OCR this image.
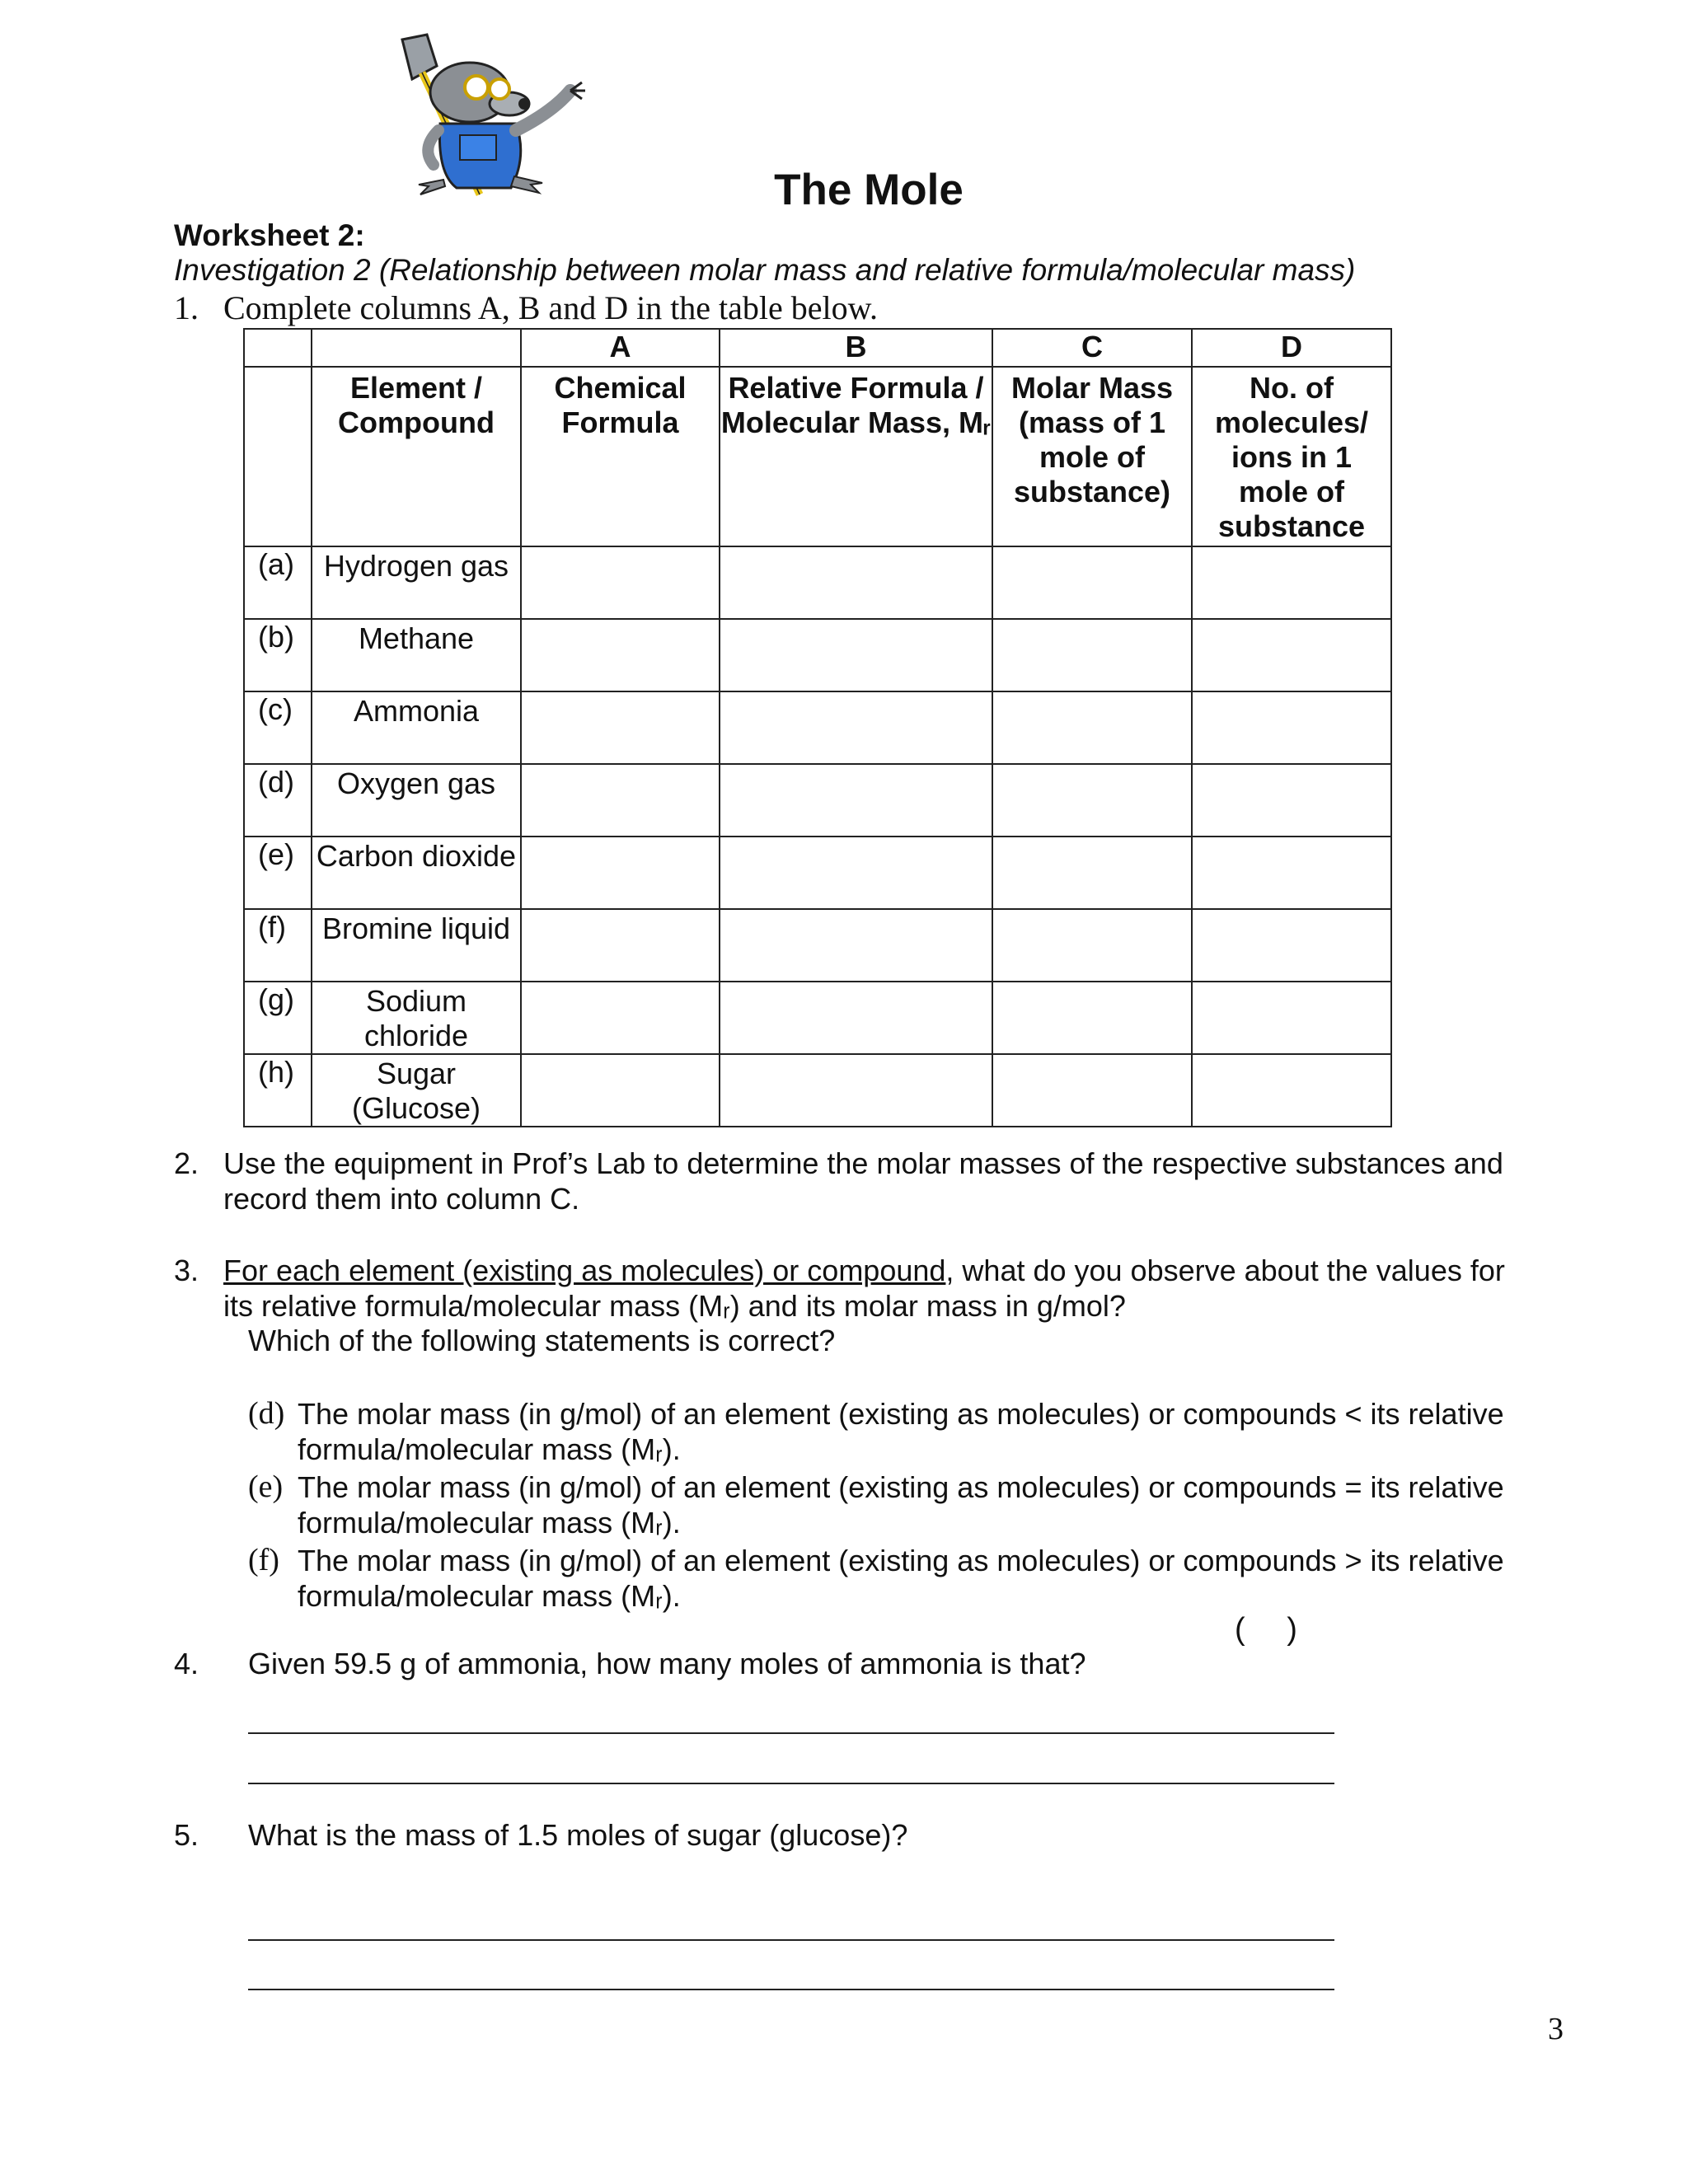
The Mole
Worksheet 2:
Investigation 2 (Relationship between molar mass and relative formula/molecular mass)
1. Complete columns A, B and D in the table below.
		A	B	C	D
	Element / Compound	Chemical Formula	Relative Formula / Molecular Mass, Mᵣ	Molar Mass (mass of 1 mole of substance)	No. of molecules/ ions in 1 mole of substance
(a)	Hydrogen gas				
(b)	Methane				
(c)	Ammonia				
(d)	Oxygen gas				
(e)	Carbon dioxide				
(f)	Bromine liquid				
(g)	Sodium chloride				
(h)	Sugar (Glucose)				
2. Use the equipment in Prof’s Lab to determine the molar masses of the respective substances and record them into column C.
3. For each element (existing as molecules) or compound, what do you observe about the values for its relative formula/molecular mass (Mᵣ) and its molar mass in g/mol?
Which of the following statements is correct?
(d) The molar mass (in g/mol) of an element (existing as molecules) or compounds < its relative formula/molecular mass (Mᵣ).
(e) The molar mass (in g/mol) of an element (existing as molecules) or compounds = its relative formula/molecular mass (Mᵣ).
(f) The molar mass (in g/mol) of an element (existing as molecules) or compounds > its relative formula/molecular mass (Mᵣ).
( )
4. Given 59.5 g of ammonia, how many moles of ammonia is that?
5. What is the mass of 1.5 moles of sugar (glucose)?
3
